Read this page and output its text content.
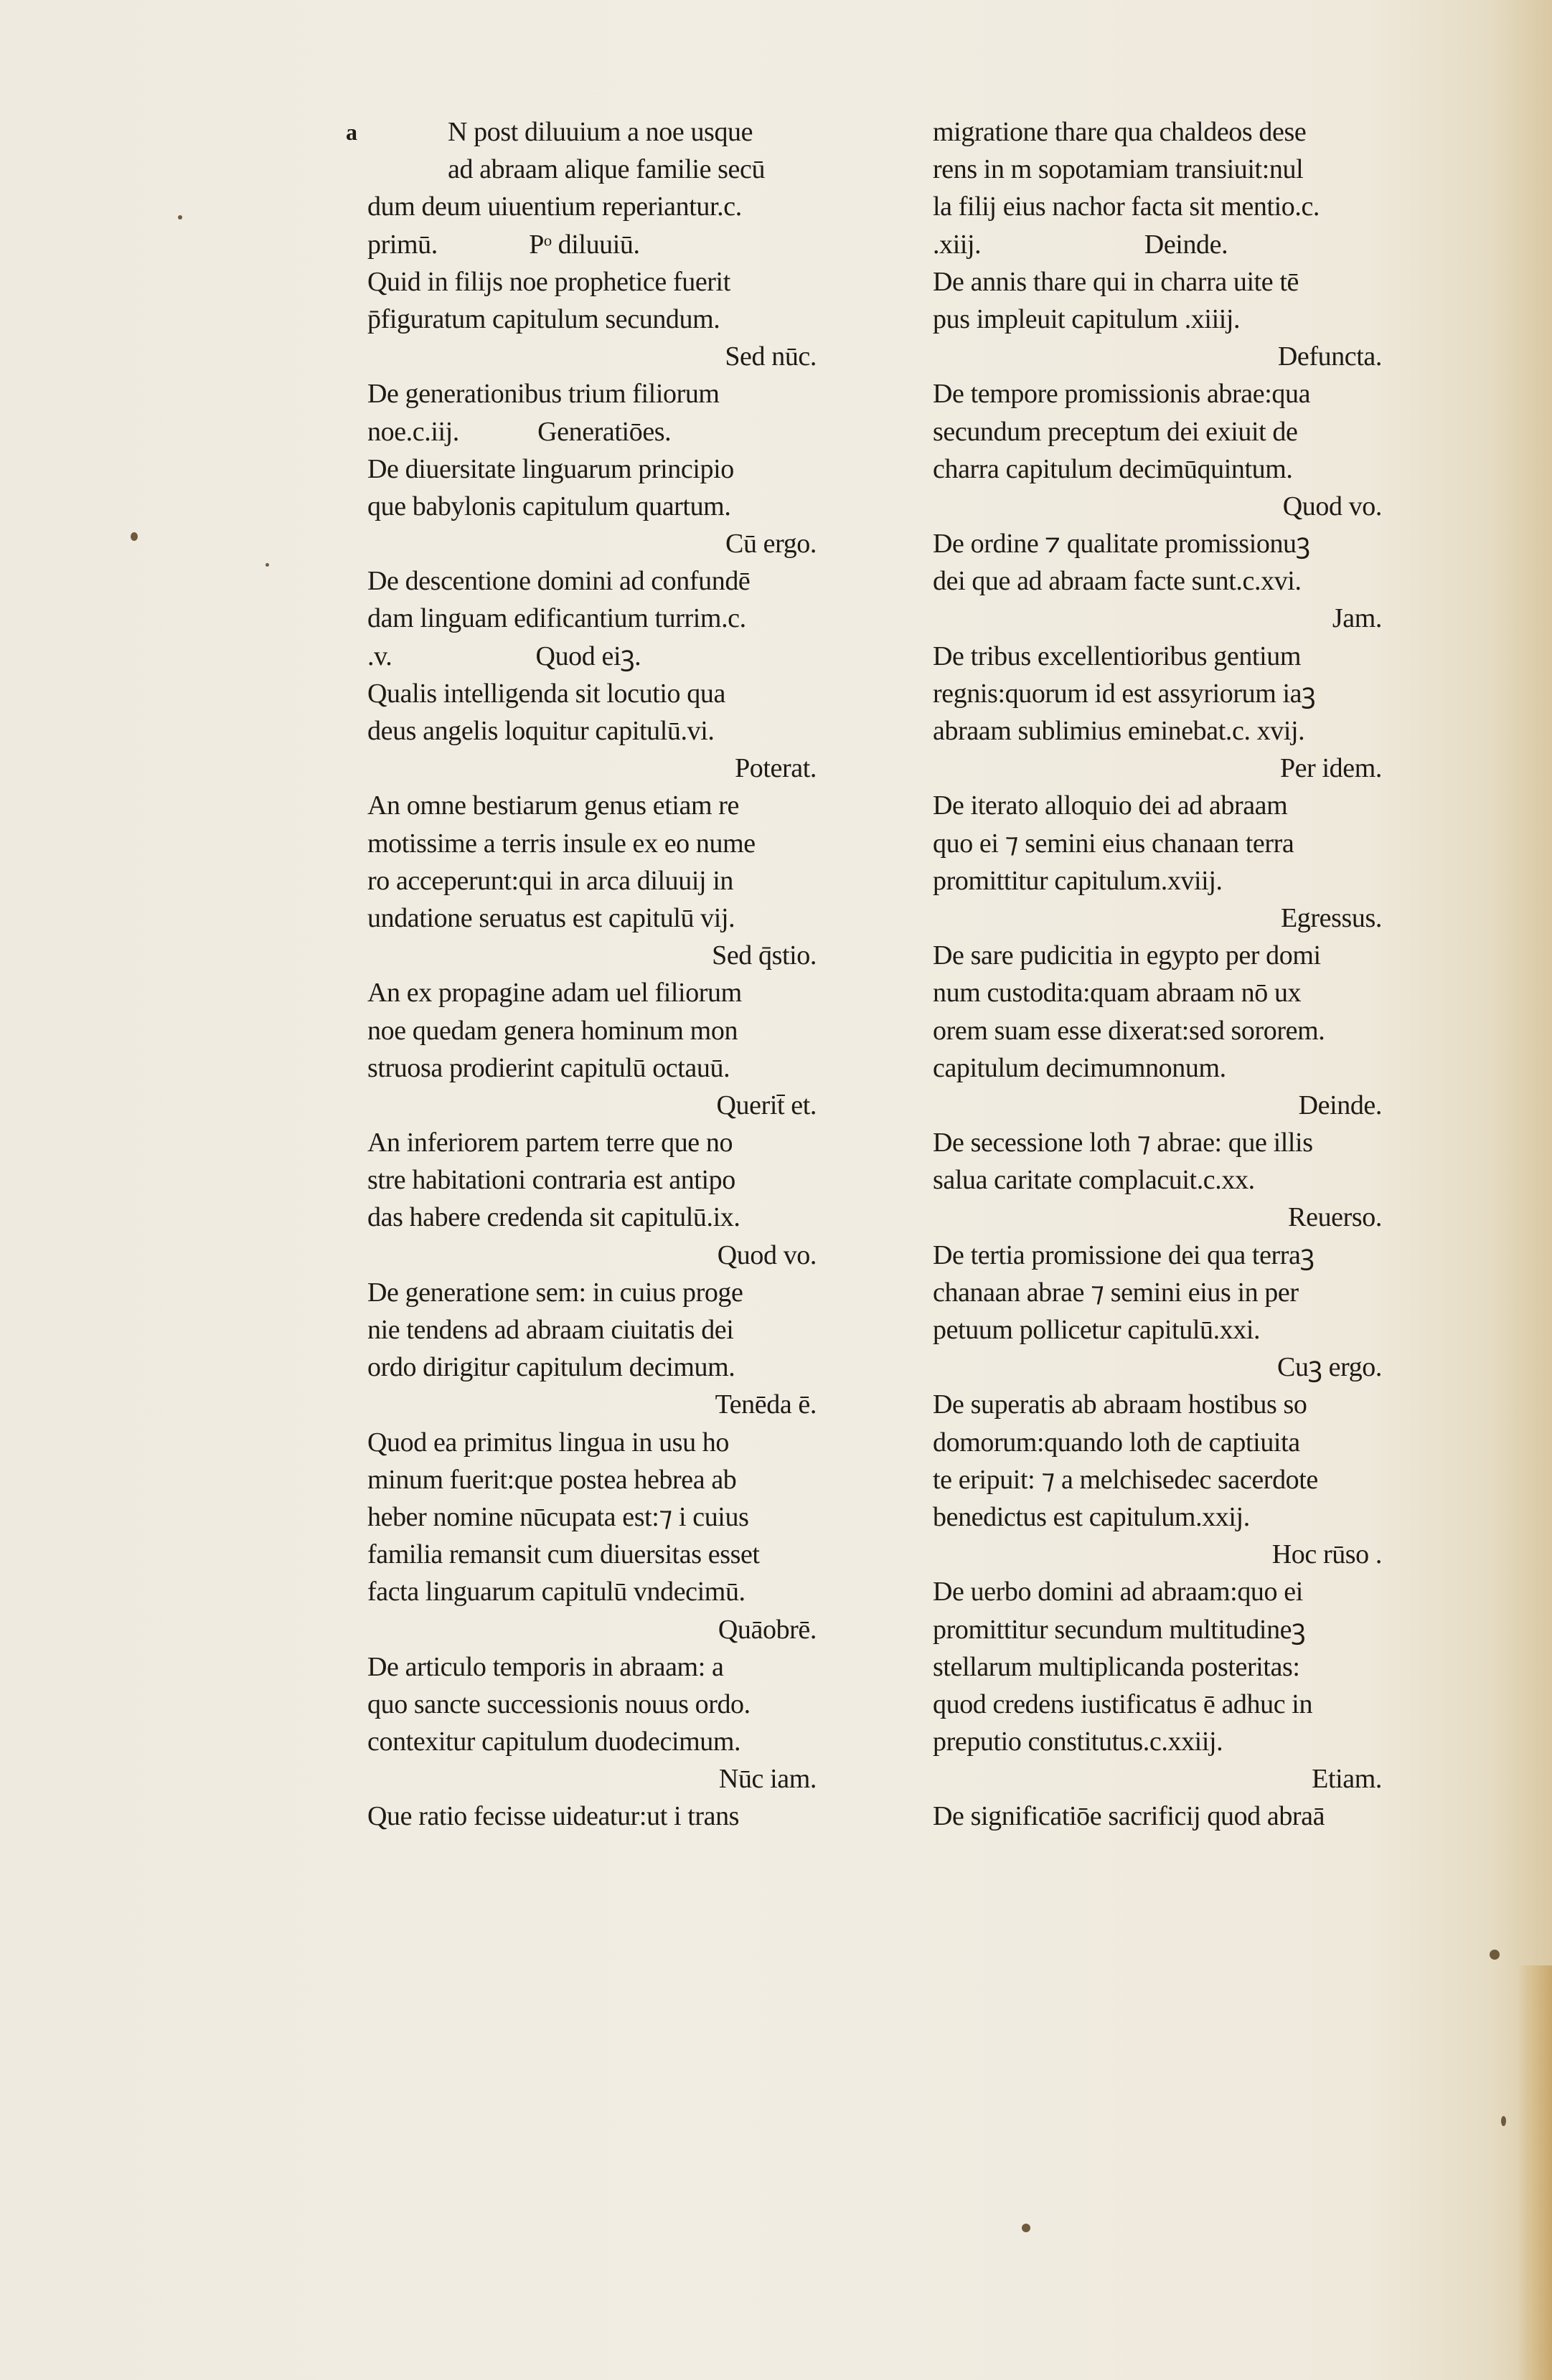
a	N post diluuium a noe usque
ad abraam alique familie secū
dum deum uiuentium reperiantur.c.
primū.              Pᵒ diluuiū.
Quid in filijs noe prophetice fuerit
p̄figuratum capitulum secundum.
Sed nūc.
De generationibus trium filiorum
noe.c.iij.            Generatiōes.
De diuersitate linguarum principio
que babylonis capitulum quartum.
Cū ergo.
De descentione domini ad confundē
dam linguam edificantium turrim.c.
.v.                      Quod eiꝫ.
Qualis intelligenda sit locutio qua
deus angelis loquitur capitulū.vi.
Poterat.
An omne bestiarum genus etiam re
motissime a terris insule ex eo nume
ro acceperunt:qui in arca diluuij in
undatione seruatus est capitulū vij.
Sed q̄stio.
An ex propagine adam uel filiorum
noe quedam genera hominum mon
struosa prodierint capitulū octauū.
Querit̄ et.
An inferiorem partem terre que no
stre habitationi contraria est antipo
das habere credenda sit capitulū.ix.
Quod vo.
De generatione sem: in cuius proge
nie tendens ad abraam ciuitatis dei
ordo dirigitur capitulum decimum.
Tenēda ē.
Quod ea primitus lingua in usu ho
minum fuerit:que postea hebrea ab
heber nomine nūcupata est:⁊ i cuius
familia remansit cum diuersitas esset
facta linguarum capitulū vndecimū.
Quāobrē.
De articulo temporis in abraam: a
quo sancte successionis nouus ordo.
contexitur capitulum duodecimum.
Nūc iam.
Que ratio fecisse uideatur:ut i trans
migratione thare qua chaldeos dese
rens in m sopotamiam transiuit:nul
la filij eius nachor facta sit mentio.c.
.xiij.                         Deinde.
De annis thare qui in charra uite tē
pus impleuit capitulum .xiiij.
Defuncta.
De tempore promissionis abrae:qua
secundum preceptum dei exiuit de
charra capitulum decimūquintum.
Quod vo.
De ordine ⁊ qualitate promissionuꝫ
dei que ad abraam facte sunt.c.xvi.
Jam.
De tribus excellentioribus gentium
regnis:quorum id est assyriorum iaꝫ
abraam sublimius eminebat.c. xvij.
Per idem.
De iterato alloquio dei ad abraam
quo ei ⁊ semini eius chanaan terra
promittitur capitulum.xviij.
Egressus.
De sare pudicitia in egypto per domi
num custodita:quam abraam nō ux
orem suam esse dixerat:sed sororem.
capitulum decimumnonum.
Deinde.
De secessione loth ⁊ abrae: que illis
salua caritate complacuit.c.xx.
Reuerso.
De tertia promissione dei qua terraꝫ
chanaan abrae ⁊ semini eius in per
petuum pollicetur capitulū.xxi.
Cuꝫ ergo.
De superatis ab abraam hostibus so
domorum:quando loth de captiuita
te eripuit: ⁊ a melchisedec sacerdote
benedictus est capitulum.xxij.
Hoc rūso .
De uerbo domini ad abraam:quo ei
promittitur secundum multitudineꝫ
stellarum multiplicanda posteritas:
quod credens iustificatus ē adhuc in
preputio constitutus.c.xxiij.
Etiam.
De significatiōe sacrificij quod abraā
